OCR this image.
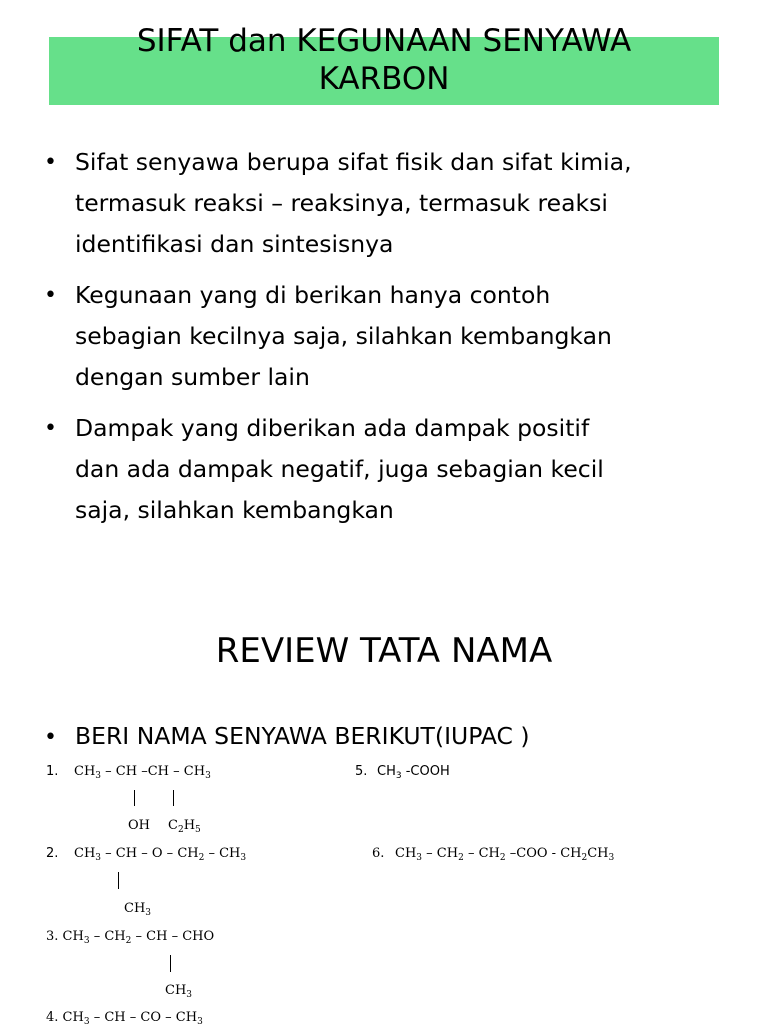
SIFAT dan KEGUNAAN SENYAWA
KARBON
• Sifat senyawa berupa sifat fisik dan sifat kimia,
termasuk reaksi – reaksinya, termasuk reaksi
identifikasi dan sintesisnya
• Kegunaan yang di berikan hanya contoh
sebagian kecilnya saja, silahkan kembangkan
dengan sumber lain
• Dampak yang diberikan ada dampak positif
dan ada dampak negatif, juga sebagian kecil
saja, silahkan kembangkan
REVIEW TATA NAMA
• BERI NAMA SENYAWA BERIKUT(IUPAC )
1. $CH_3$ – CH $-CH - CH_3$
OH $C_2H_5$
5. $CH_3$ -COOH
2. $CH_3$ – CH – O – $CH_2 - CH_3$
$CH_3$
6. $CH_3 - CH_2 - CH_2$ $-COO - CH_2CH_3$
3. $CH_3 - CH_2$ – CH – CHO
$CH_3$
4. $CH_3$ – CH – CO – $CH_3$
